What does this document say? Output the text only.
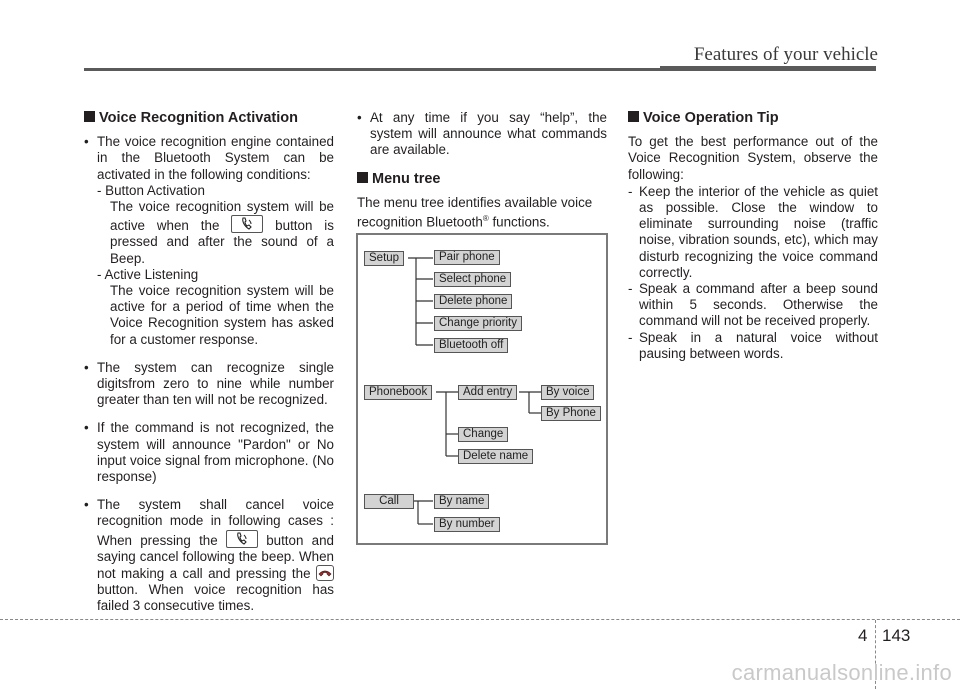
Features of your vehicle
Voice Recognition Activation
• The voice recognition engine contained in the Bluetooth System can be activated in the following conditions:

- Button Activation

The voice recognition system will be active when the	button is pressed and after the sound of a Beep.

- Active Listening

The voice recognition system will be active for a period of time when the Voice Recognition system has asked for a customer response.

• The system can recognize single digitsfrom zero to nine while number greater than ten will not be recognized.

• If the command is not recognized, the system will announce "Pardon" or No input voice signal from microphone. (No response)

• The system shall cancel voice recognition mode in following cases : When pressing the	button and saying cancel following the beep. When not making a call and pressing the
button. When voice recognition has failed 3 consecutive times.

• At any time if you say “help”, the system will announce what commands are available.

Menu tree

The menu tree identifies available voice recognition Bluetooth® functions.

Setup	Pair phone
Select phone
Delete phone
Change priority
Bluetooth off
Phonebook	Add entry	By voice
By Phone
Change
Delete name
Call	By name
By number
Voice Operation Tip

To get the best performance out of the Voice Recognition System, observe the following:

- Keep the interior of the vehicle as quiet as possible. Close the window to eliminate surrounding noise (traffic noise, vibration sounds, etc), which may disturb recognizing the voice command correctly.

- Speak a command after a beep sound within 5 seconds. Otherwise the command will not be received properly.

- Speak in a natural voice without pausing between words.

4 143
carmanualsonline.info
